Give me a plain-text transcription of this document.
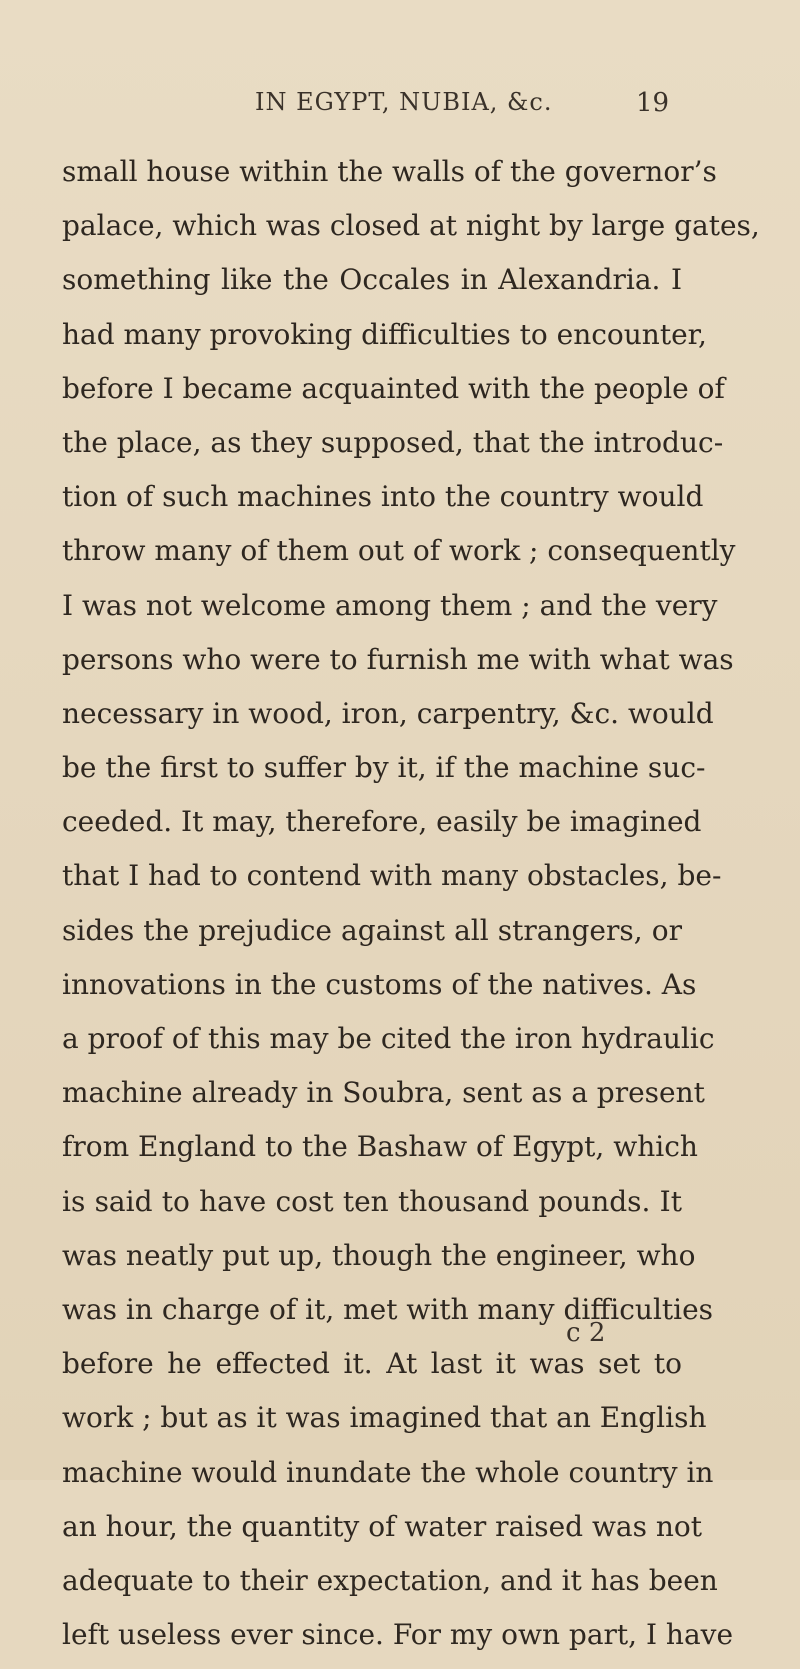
IN EGYPT, NUBIA, &c.	19
small house within the walls of the governor’s
palace, which was closed at night by large gates,
something like the Occales in Alexandria. I
had many provoking difficulties to encounter,
before I became acquainted with the people of
the place, as they supposed, that the introduc-
tion of such machines into the country would
throw many of them out of work ; consequently
I was not welcome among them ; and the very
persons who were to furnish me with what was
necessary in wood, iron, carpentry, &c. would
be the first to suffer by it, if the machine suc-
ceeded. It may, therefore, easily be imagined
that I had to contend with many obstacles, be-
sides the prejudice against all strangers, or
innovations in the customs of the natives. As
a proof of this may be cited the iron hydraulic
machine already in Soubra, sent as a present
from England to the Bashaw of Egypt, which
is said to have cost ten thousand pounds. It
was neatly put up, though the engineer, who
was in charge of it, met with many difficulties
before he effected it. At last it was set to
work ; but as it was imagined that an English
machine would inundate the whole country in
an hour, the quantity of water raised was not
adequate to their expectation, and it has been
left useless ever since. For my own part, I have
c 2
